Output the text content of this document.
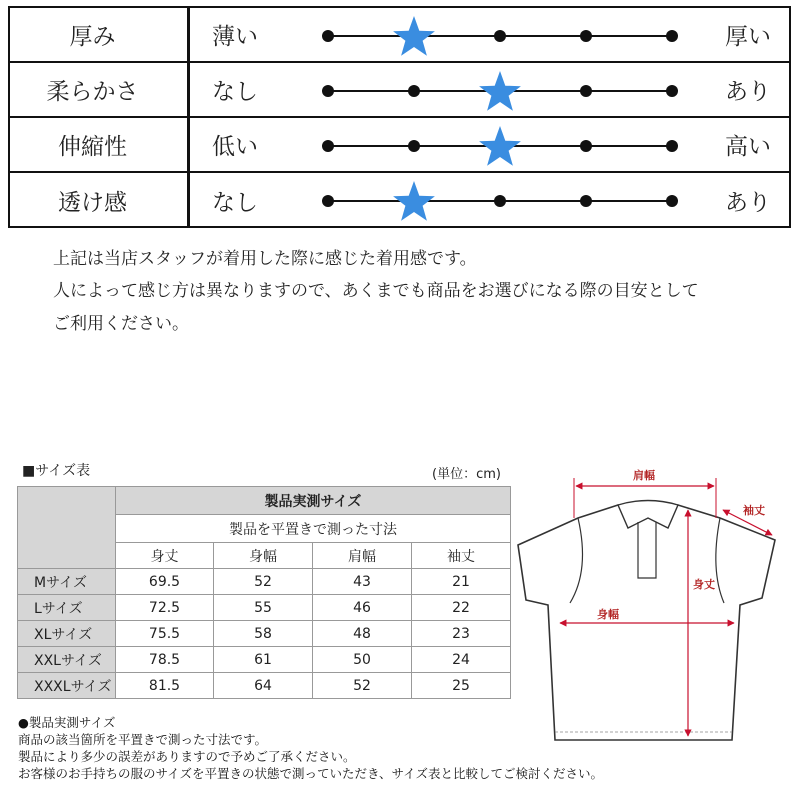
厚み	薄い	厚い
柔らかさ	なし	あり
伸縮性	低い	高い
透け感	なし	あり
上記は当店スタッフが着用した際に感じた着用感です。
人によって感じ方は異なりますので、あくまでも商品をお選びになる際の目安として
ご利用ください。
■サイズ表	(単位：cm)
	製品実測サイズ			
	製品を平置きで測った寸法			
	身丈	身幅	肩幅	袖丈
Mサイズ	69.5	52	43	21
Lサイズ	72.5	55	46	22
XLサイズ	75.5	58	48	23
XXLサイズ	78.5	61	50	24
XXXLサイズ	81.5	64	52	25
●製品実測サイズ
商品の該当箇所を平置きで測った寸法です。
製品により多少の誤差がありますので予めご了承ください。
お客様のお手持ちの服のサイズを平置きの状態で測っていただき、サイズ表と比較してご検討ください。
肩幅
袖丈
身丈
身幅
